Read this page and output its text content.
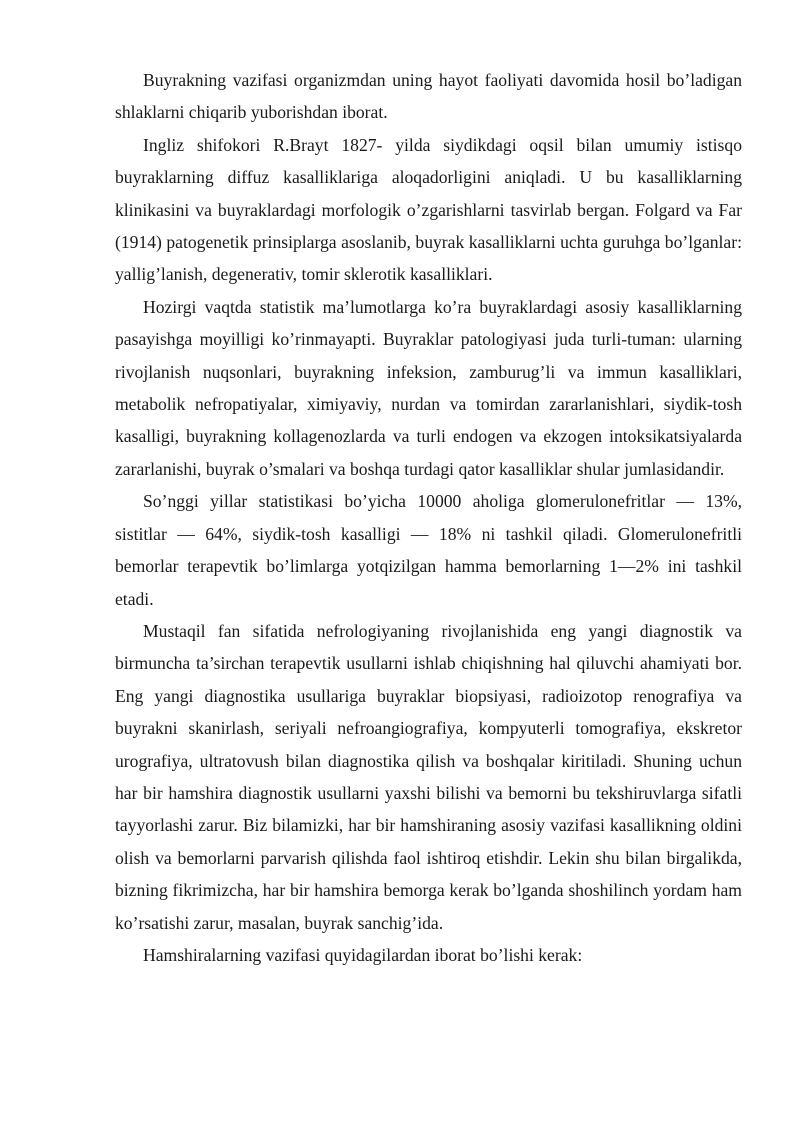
Buyrakning vazifasi organizmdan uning hayot faoliyati davomida hosil bo’ladigan shlaklarni chiqarib yuborishdan iborat.

Ingliz shifokori R.Brayt 1827- yilda siydikdagi oqsil bilan umumiy istisqo buyraklarning diffuz kasalliklariga aloqadorligini aniqladi. U bu kasalliklarning klinikasini va buyraklardagi morfologik o’zgarishlarni tasvirlab bergan. Folgard va Far (1914) patogenetik prinsiplarga asoslanib, buyrak kasalliklarni uchta guruhga bo’lganlar: yallig’lanish, degenerativ, tomir sklerotik kasalliklari.

Hozirgi vaqtda statistik ma’lumotlarga ko’ra buyraklardagi asosiy kasalliklarning pasayishga moyilligi ko’rinmayapti. Buyraklar patologiyasi juda turli-tuman: ularning rivojlanish nuqsonlari, buyrakning infeksion, zamburug’li va immun kasalliklari, metabolik nefropatiyalar, ximiyaviy, nurdan va tomirdan zararlanishlari, siydik-tosh kasalligi, buyrakning kollagenozlarda va turli endogen va ekzogen intoksikatsiyalarda zararlanishi, buyrak o’smalari va boshqa turdagi qator kasalliklar shular jumlasidandir.

So’nggi yillar statistikasi bo’yicha 10000 aholiga glomerulonefritlar — 13%, sistitlar — 64%, siydik-tosh kasalligi — 18% ni tashkil qiladi. Glomerulonefritli bemorlar terapevtik bo’limlarga yotqizilgan hamma bemorlarning 1—2% ini tashkil etadi.

Mustaqil fan sifatida nefrologiyaning rivojlanishida eng yangi diagnostik va birmuncha ta’sirchan terapevtik usullarni ishlab chiqishning hal qiluvchi ahamiyati bor. Eng yangi diagnostika usullariga buyraklar biopsiyasi, radioizotop renografiya va buyrakni skanirlash, seriyali nefroangiografiya, kompyuterli tomografiya, ekskretor urografiya, ultratovush bilan diagnostika qilish va boshqalar kiritiladi. Shuning uchun har bir hamshira diagnostik usullarni yaxshi bilishi va bemorni bu tekshiruvlarga sifatli tayyorlashi zarur. Biz bilamizki, har bir hamshiraning asosiy vazifasi kasallikning oldini olish va bemorlarni parvarish qilishda faol ishtiroq etishdir. Lekin shu bilan birgalikda, bizning fikrimizcha, har bir hamshira bemorga kerak bo’lganda shoshilinch yordam ham ko’rsatishi zarur, masalan, buyrak sanchig’ida.

Hamshiralarning vazifasi quyidagilardan iborat bo’lishi kerak:
